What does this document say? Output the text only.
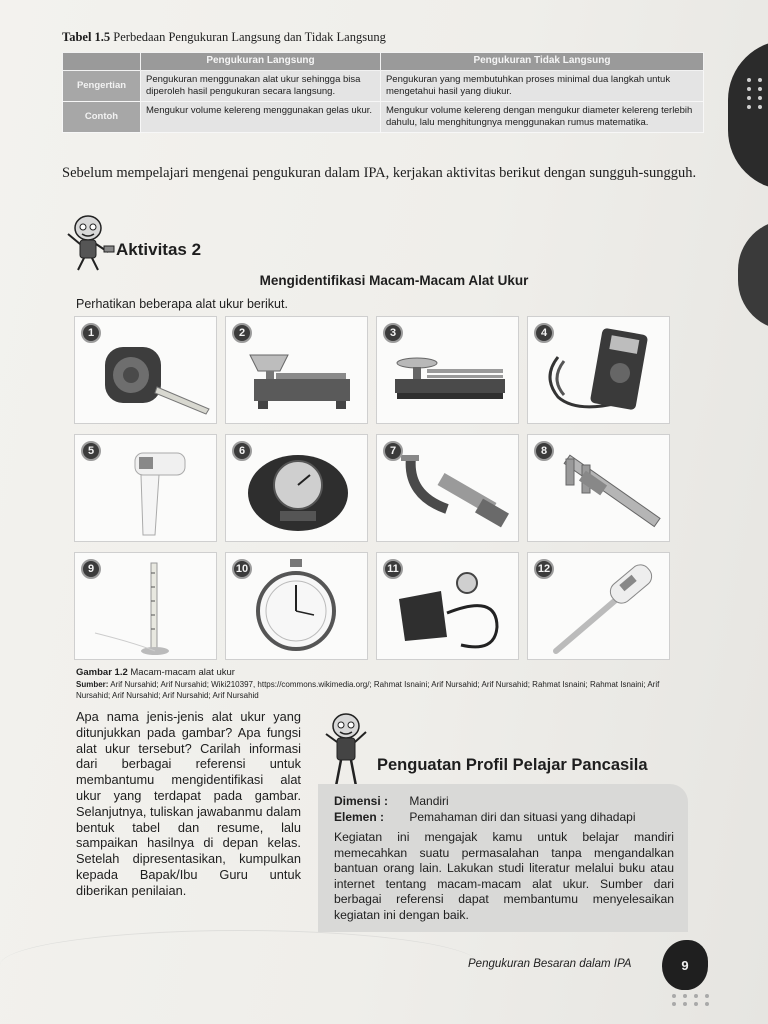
Tabel 1.5 Perbedaan Pengukuran Langsung dan Tidak Langsung
	Pengukuran Langsung	Pengukuran Tidak Langsung
Pengertian	Pengukuran menggunakan alat ukur sehingga bisa diperoleh hasil pengukuran secara langsung.	Pengukuran yang membutuhkan proses minimal dua langkah untuk mengetahui hasil yang diukur.
Contoh	Mengukur volume kelereng menggunakan gelas ukur.	Mengukur volume kelereng dengan mengukur diameter kelereng terlebih dahulu, lalu menghitungnya menggunakan rumus matematika.

Sebelum mempelajari mengenai pengukuran dalam IPA, kerjakan aktivitas berikut dengan sungguh-sungguh.

Aktivitas 2
Mengidentifikasi Macam-Macam Alat Ukur
Perhatikan beberapa alat ukur berikut.
1	2	3	4
5	6	7	8
9	10	11	12
Gambar 1.2 Macam-macam alat ukur
Sumber: Arif Nursahid; Arif Nursahid; Wiki210397, https://commons.wikimedia.org/; Rahmat Isnaini; Arif Nursahid; Arif Nursahid; Rahmat Isnaini; Rahmat Isnaini; Arif Nursahid; Arif Nursahid; Arif Nursahid; Arif Nursahid

Apa nama jenis-jenis alat ukur yang ditunjukkan pada gambar? Apa fungsi alat ukur tersebut? Carilah informasi dari berbagai referensi untuk membantumu mengidentifikasi alat ukur yang terdapat pada gambar. Selanjutnya, tuliskan jawabanmu dalam bentuk tabel dan resume, lalu sampaikan hasilnya di depan kelas. Setelah dipresentasikan, kumpulkan kepada Bapak/Ibu Guru untuk diberikan penilaian.

Penguatan Profil Pelajar Pancasila
Dimensi : Mandiri
Elemen : Pemahaman diri dan situasi yang dihadapi

Kegiatan ini mengajak kamu untuk belajar mandiri memecahkan suatu permasalahan tanpa mengandalkan bantuan orang lain. Lakukan studi literatur melalui buku atau internet tentang macam-macam alat ukur. Sumber dari berbagai referensi dapat membantumu menyelesaikan kegiatan ini dengan baik.

Pengukuran Besaran dalam IPA	9
